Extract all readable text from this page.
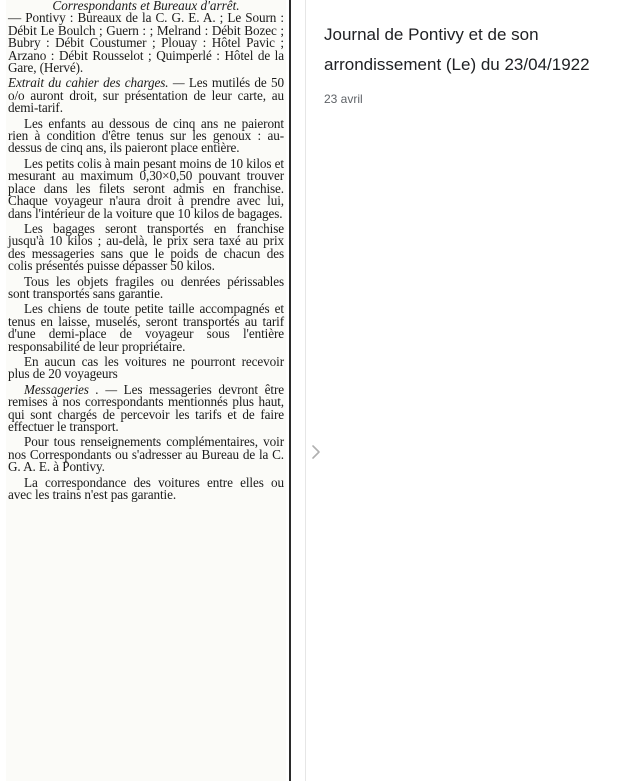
Correspondants et Bureaux d'arrêt.

— Pontivy : Bureaux de la C. G. E. A. ; Le Sourn : Débit Le Boulch ; Guern : ; Melrand : Débit Bozec ; Bubry : Débit Coustumer ; Plouay : Hôtel Pavic ; Arzano : Débit Rousselot ; Quimperlé : Hôtel de la Gare, (Hervé).

Extrait du cahier des charges. — Les mutilés de 50 o/o auront droit, sur présentation de leur carte, au demi-tarif.

Les enfants au dessous de cinq ans ne paieront rien à condition d'être tenus sur les genoux : au-dessus de cinq ans, ils paieront place entière.

Les petits colis à main pesant moins de 10 kilos et mesurant au maximum 0,30×0,50 pouvant trouver place dans les filets seront admis en franchise. Chaque voyageur n'aura droit à prendre avec lui, dans l'intérieur de la voiture que 10 kilos de bagages.

Les bagages seront transportés en franchise jusqu'à 10 kilos ; au-delà, le prix sera taxé au prix des messageries sans que le poids de chacun des colis présentés puisse dépasser 50 kilos.

Tous les objets fragiles ou denrées périssables sont transportés sans garantie.

Les chiens de toute petite taille accompagnés et tenus en laisse, muselés, seront transportés au tarif d'une demi-place de voyageur sous l'entière responsabilité de leur propriétaire.

En aucun cas les voitures ne pourront recevoir plus de 20 voyageurs

Messageries . — Les messageries devront être remises à nos correspondants mentionnés plus haut, qui sont chargés de percevoir les tarifs et de faire effectuer le transport.

Pour tous renseignements complémentaires, voir nos Correspondants ou s'adresser au Bureau de la C. G. A. E. à Pontivy.

La correspondance des voitures entre elles ou avec les trains n'est pas garantie.

Journal de Pontivy et de son arrondissement (Le) du 23/04/1922
23 avril
